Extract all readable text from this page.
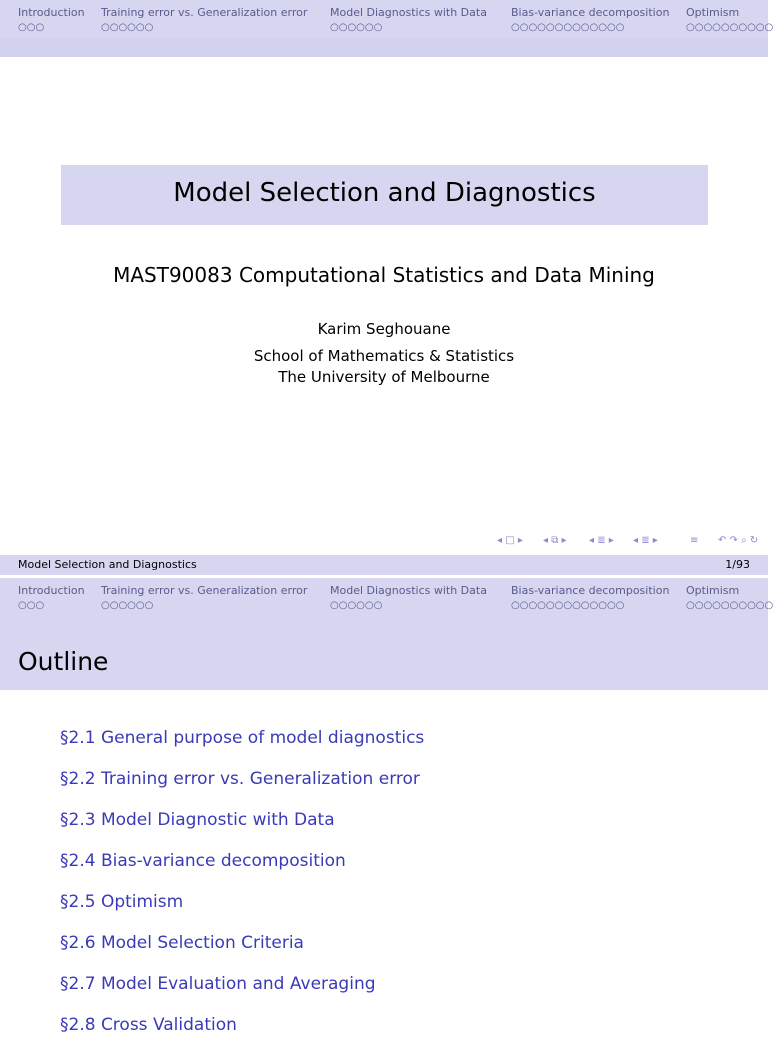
Introduction
○○○
Training error vs. Generalization error
○○○○○○
Model Diagnostics with Data
○○○○○○
Bias-variance decomposition
○○○○○○○○○○○○○
Optimism
○○○○○○○○○○
Model Selection and Diagnostics
MAST90083 Computational Statistics and Data Mining
Karim Seghouane
School of Mathematics & Statistics
The University of Melbourne
◂ □ ▸ ◂ ⧉ ▸ ◂ ≣ ▸ ◂ ≣ ▸	≡ ↶ ↷ ⌕ ↻
Model Selection and Diagnostics	1/93
Introduction
○○○
Training error vs. Generalization error
○○○○○○
Model Diagnostics with Data
○○○○○○
Bias-variance decomposition
○○○○○○○○○○○○○
Optimism
○○○○○○○○○○
Outline
§2.1 General purpose of model diagnostics
§2.2 Training error vs. Generalization error
§2.3 Model Diagnostic with Data
§2.4 Bias-variance decomposition
§2.5 Optimism
§2.6 Model Selection Criteria
§2.7 Model Evaluation and Averaging
§2.8 Cross Validation
